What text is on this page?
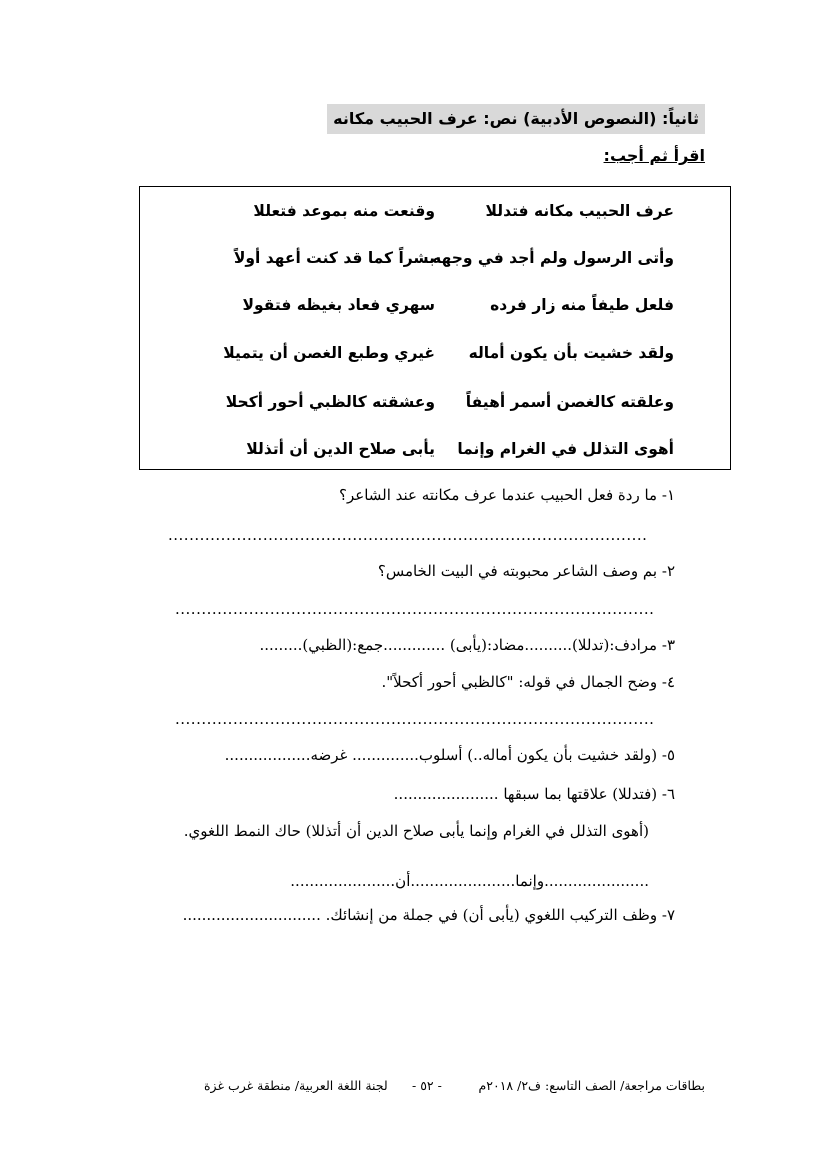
ثانياً: (النصوص الأدبية) نص: عرف الحبيب مكانه
اقرأ ثم أجب:
عرف الحبيب مكانه فتدللا
وقنعت منه بموعد فتعللا
وأتى الرسول ولم أجد في وجهه
بشراً كما قد كنت أعهد أولاً
فلعل طيفاً منه زار فرده
سهري فعاد بغيظه فتقولا
ولقد خشيت بأن يكون أماله
غيري وطبع الغصن أن يتميلا
وعلقته كالغصن أسمر أهيفاً
وعشقته كالظبي أحور أكحلا
أهوى التذلل في الغرام وإنما
يأبى صلاح الدين أن أتذللا
١- ما ردة فعل الحبيب عندما عرف مكانته عند الشاعر؟
...........................................................................................
٢- بم وصف الشاعر محبوبته في البيت الخامس؟
...........................................................................................
٣- مرادف:(تدللا)..........مضاد:(يأبى) .............جمع:(الظبي).........
٤- وضح الجمال في قوله: "كالظبي أحور أكحلاً".
...........................................................................................
٥- (ولقد خشيت بأن يكون أماله..) أسلوب.............. غرضه..................
٦- (فتدللا) علاقتها بما سبقها ......................
(أهوى التذلل في الغرام وإنما يأبى صلاح الدين أن أتذللا) حاك النمط اللغوي.
......................وإنما......................أن......................
٧- وظف التركيب اللغوي (يأبى أن) في جملة من إنشائك. .............................
لجنة اللغة العربية/ منطقة غرب غزة - ٥٢ -	بطاقات مراجعة/ الصف التاسع: ف٢/ ٢٠١٨م
